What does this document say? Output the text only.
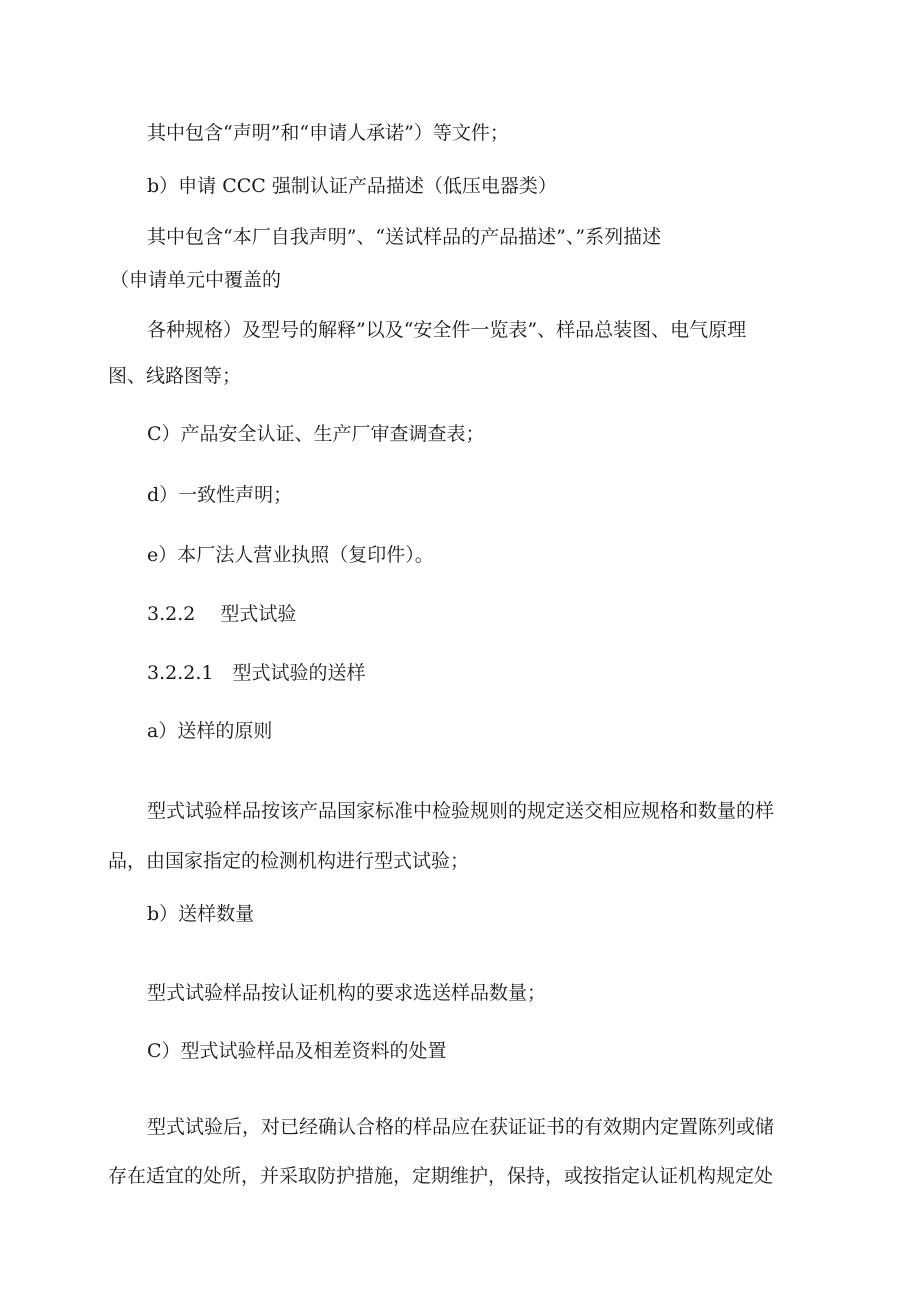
其中包含“声明”和“申请人承诺”）等文件；

b）申请 CCC 强制认证产品描述（低压电器类）

其中包含“本厂自我声明”、“送试样品的产品描述”、”系列描述

（申请单元中覆盖的

各种规格）及型号的解释”以及“安全件一览表”、样品总装图、电气原理

图、线路图等；

C）产品安全认证、生产厂审查调查表；

d）一致性声明；

e）本厂法人营业执照（复印件）。

3.2.2　 型式试验

3.2.2.1　型式试验的送样

a）送样的原则

型式试验样品按该产品国家标准中检验规则的规定送交相应规格和数量的样

品，由国家指定的检测机构进行型式试验；

b）送样数量

型式试验样品按认证机构的要求选送样品数量；

C）型式试验样品及相差资料的处置

型式试验后，对已经确认合格的样品应在获证证书的有效期内定置陈列或储

存在适宜的处所，并采取防护措施，定期维护，保持，或按指定认证机构规定处
